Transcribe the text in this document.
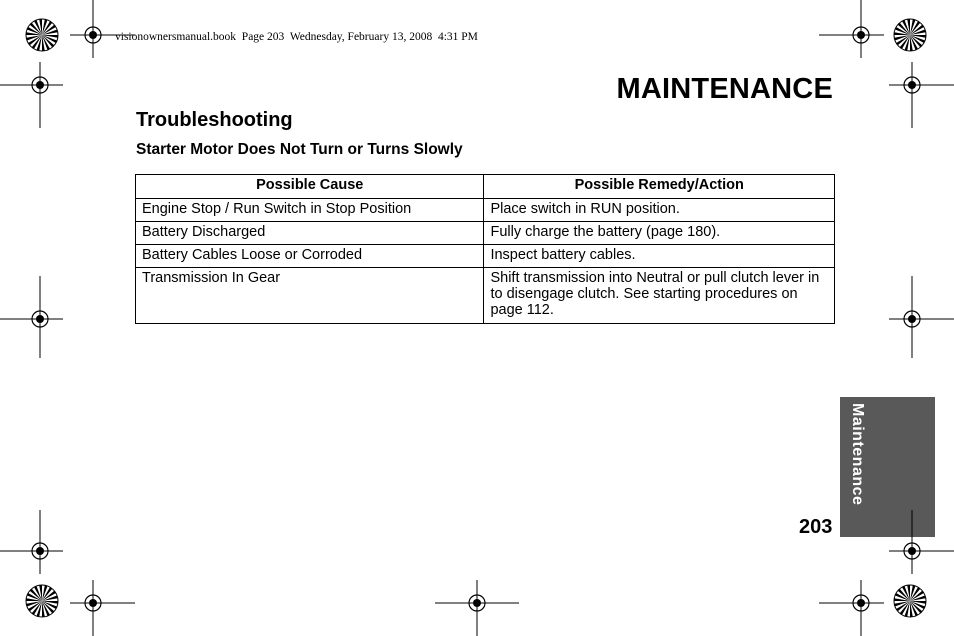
visionownersmanual.book  Page 203  Wednesday, February 13, 2008  4:31 PM
MAINTENANCE
Troubleshooting
Starter Motor Does Not Turn or Turns Slowly
Possible Cause	Possible Remedy/Action
Engine Stop / Run Switch in Stop Position	Place switch in RUN position.
Battery Discharged	Fully charge the battery (page 180).
Battery Cables Loose or Corroded	Inspect battery cables.
Transmission In Gear	Shift transmission into Neutral or pull clutch lever in to disengage clutch. See starting procedures on page 112.
Maintenance
203
